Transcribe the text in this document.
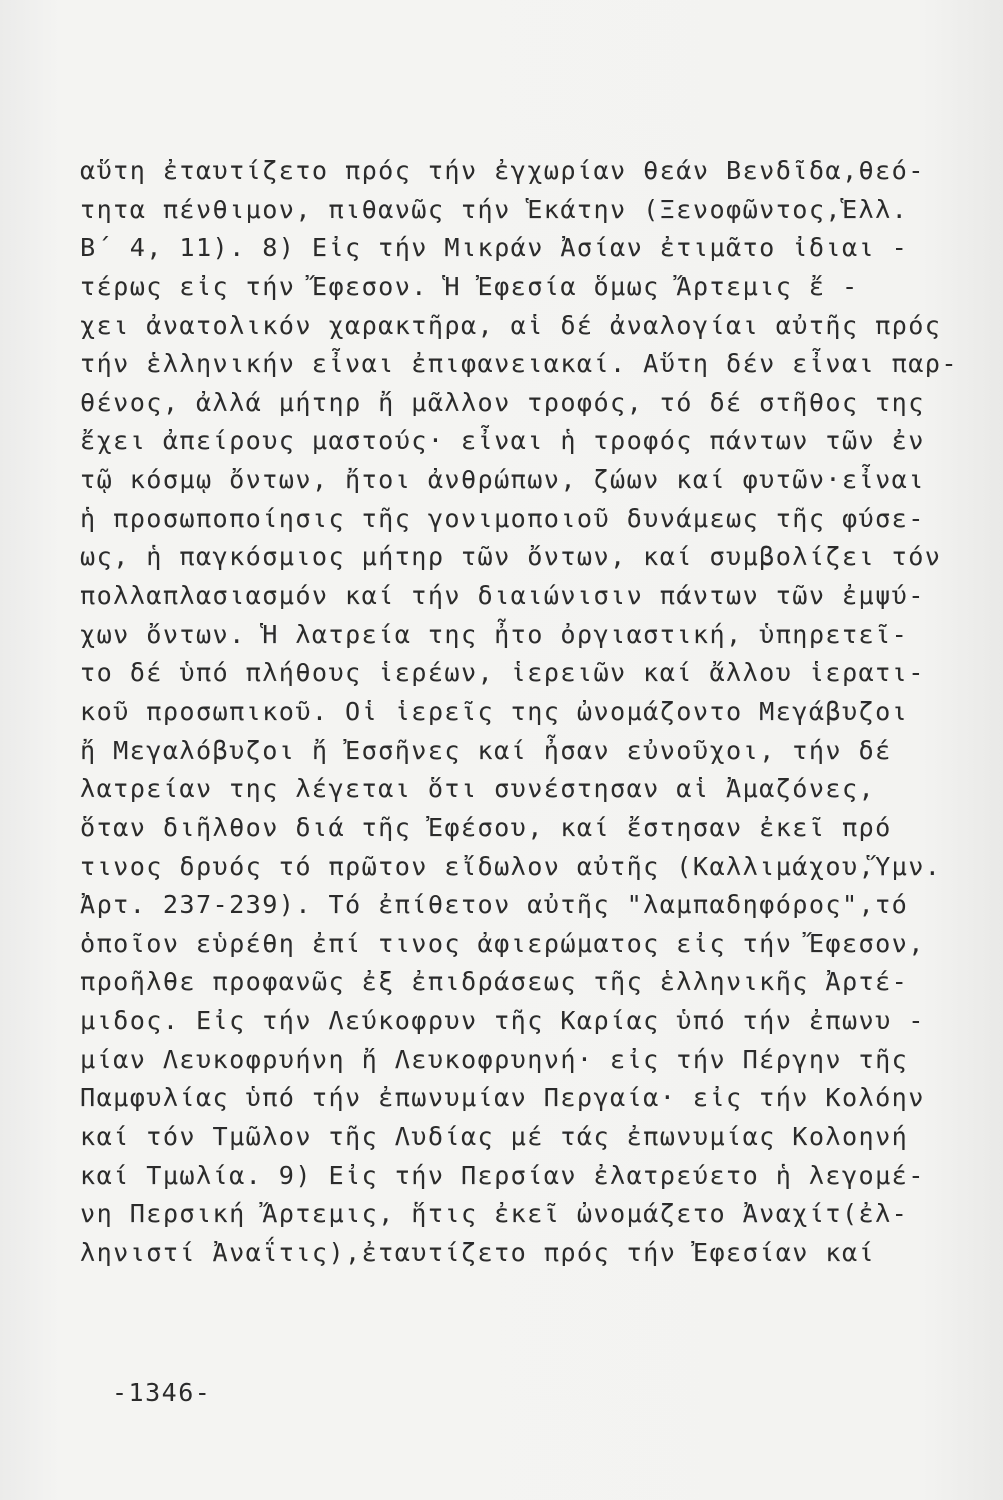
αὕτη ἐταυτίζετο πρός τήν ἐγχωρίαν θεάν Βενδῖδα,θεό-

τητα πένθιμον, πιθανῶς τήν Ἑκάτην (Ξενοφῶντος,Ἑλλ.

Β΄ 4, 11). 8) Εἰς τήν Μικράν Ἀσίαν ἐτιμᾶτο ἰδιαι -

τέρως εἰς τήν Ἔφεσον. Ἡ Ἐφεσία ὅμως Ἄρτεμις ἔ -

χει ἀνατολικόν χαρακτῆρα, αἱ δέ ἀναλογίαι αὐτῆς πρός

τήν ἑλληνικήν εἶναι ἐπιφανειακαί. Αὕτη δέν εἶναι παρ-

θένος, ἀλλά μήτηρ ἤ μᾶλλον τροφός, τό δέ στῆθος της

ἔχει ἀπείρους μαστούς· εἶναι ἡ τροφός πάντων τῶν ἐν

τῷ κόσμῳ ὄντων, ἤτοι ἀνθρώπων, ζώων καί φυτῶν·εἶναι

ἡ προσωποποίησις τῆς γονιμοποιοῦ δυνάμεως τῆς φύσε-

ως, ἡ παγκόσμιος μήτηρ τῶν ὄντων, καί συμβολίζει τόν

πολλαπλασιασμόν καί τήν διαιώνισιν πάντων τῶν ἐμψύ-

χων ὄντων. Ἡ λατρεία της ἦτο ὀργιαστική, ὑπηρετεῖ-

το δέ ὑπό πλήθους ἱερέων, ἱερειῶν καί ἄλλου ἱερατι-

κοῦ προσωπικοῦ. Οἱ ἱερεῖς της ὠνομάζοντο Μεγάβυζοι

ἤ Μεγαλόβυζοι ἤ Ἐσσῆνες καί ἦσαν εὐνοῦχοι, τήν δέ

λατρείαν της λέγεται ὅτι συνέστησαν αἱ Ἀμαζόνες,

ὅταν διῆλθον διά τῆς Ἐφέσου, καί ἔστησαν ἐκεῖ πρό

τινος δρυός τό πρῶτον εἴδωλον αὐτῆς (Καλλιμάχου,Ὕμν.

Ἀρτ. 237-239). Τό ἐπίθετον αὐτῆς "λαμπαδηφόρος",τό

ὁποῖον εὑρέθη ἐπί τινος ἀφιερώματος εἰς τήν Ἔφεσον,

προῆλθε προφανῶς ἐξ ἐπιδράσεως τῆς ἑλληνικῆς Ἀρτέ-

μιδος. Εἰς τήν Λεύκοφρυν τῆς Καρίας ὑπό τήν ἐπωνυ -

μίαν Λευκοφρυήνη ἤ Λευκοφρυηνή· εἰς τήν Πέργην τῆς

Παμφυλίας ὑπό τήν ἐπωνυμίαν Περγαία· εἰς τήν Κολόην

καί τόν Τμῶλον τῆς Λυδίας μέ τάς ἐπωνυμίας Κολοηνή

καί Τμωλία. 9) Εἰς τήν Περσίαν ἐλατρεύετο ἡ λεγομέ-

νη Περσική Ἄρτεμις, ἥτις ἐκεῖ ὠνομάζετο Ἀναχίτ(ἐλ-

ληνιστί Ἀναΐτις),ἐταυτίζετο πρός τήν Ἐφεσίαν καί

-1346-
